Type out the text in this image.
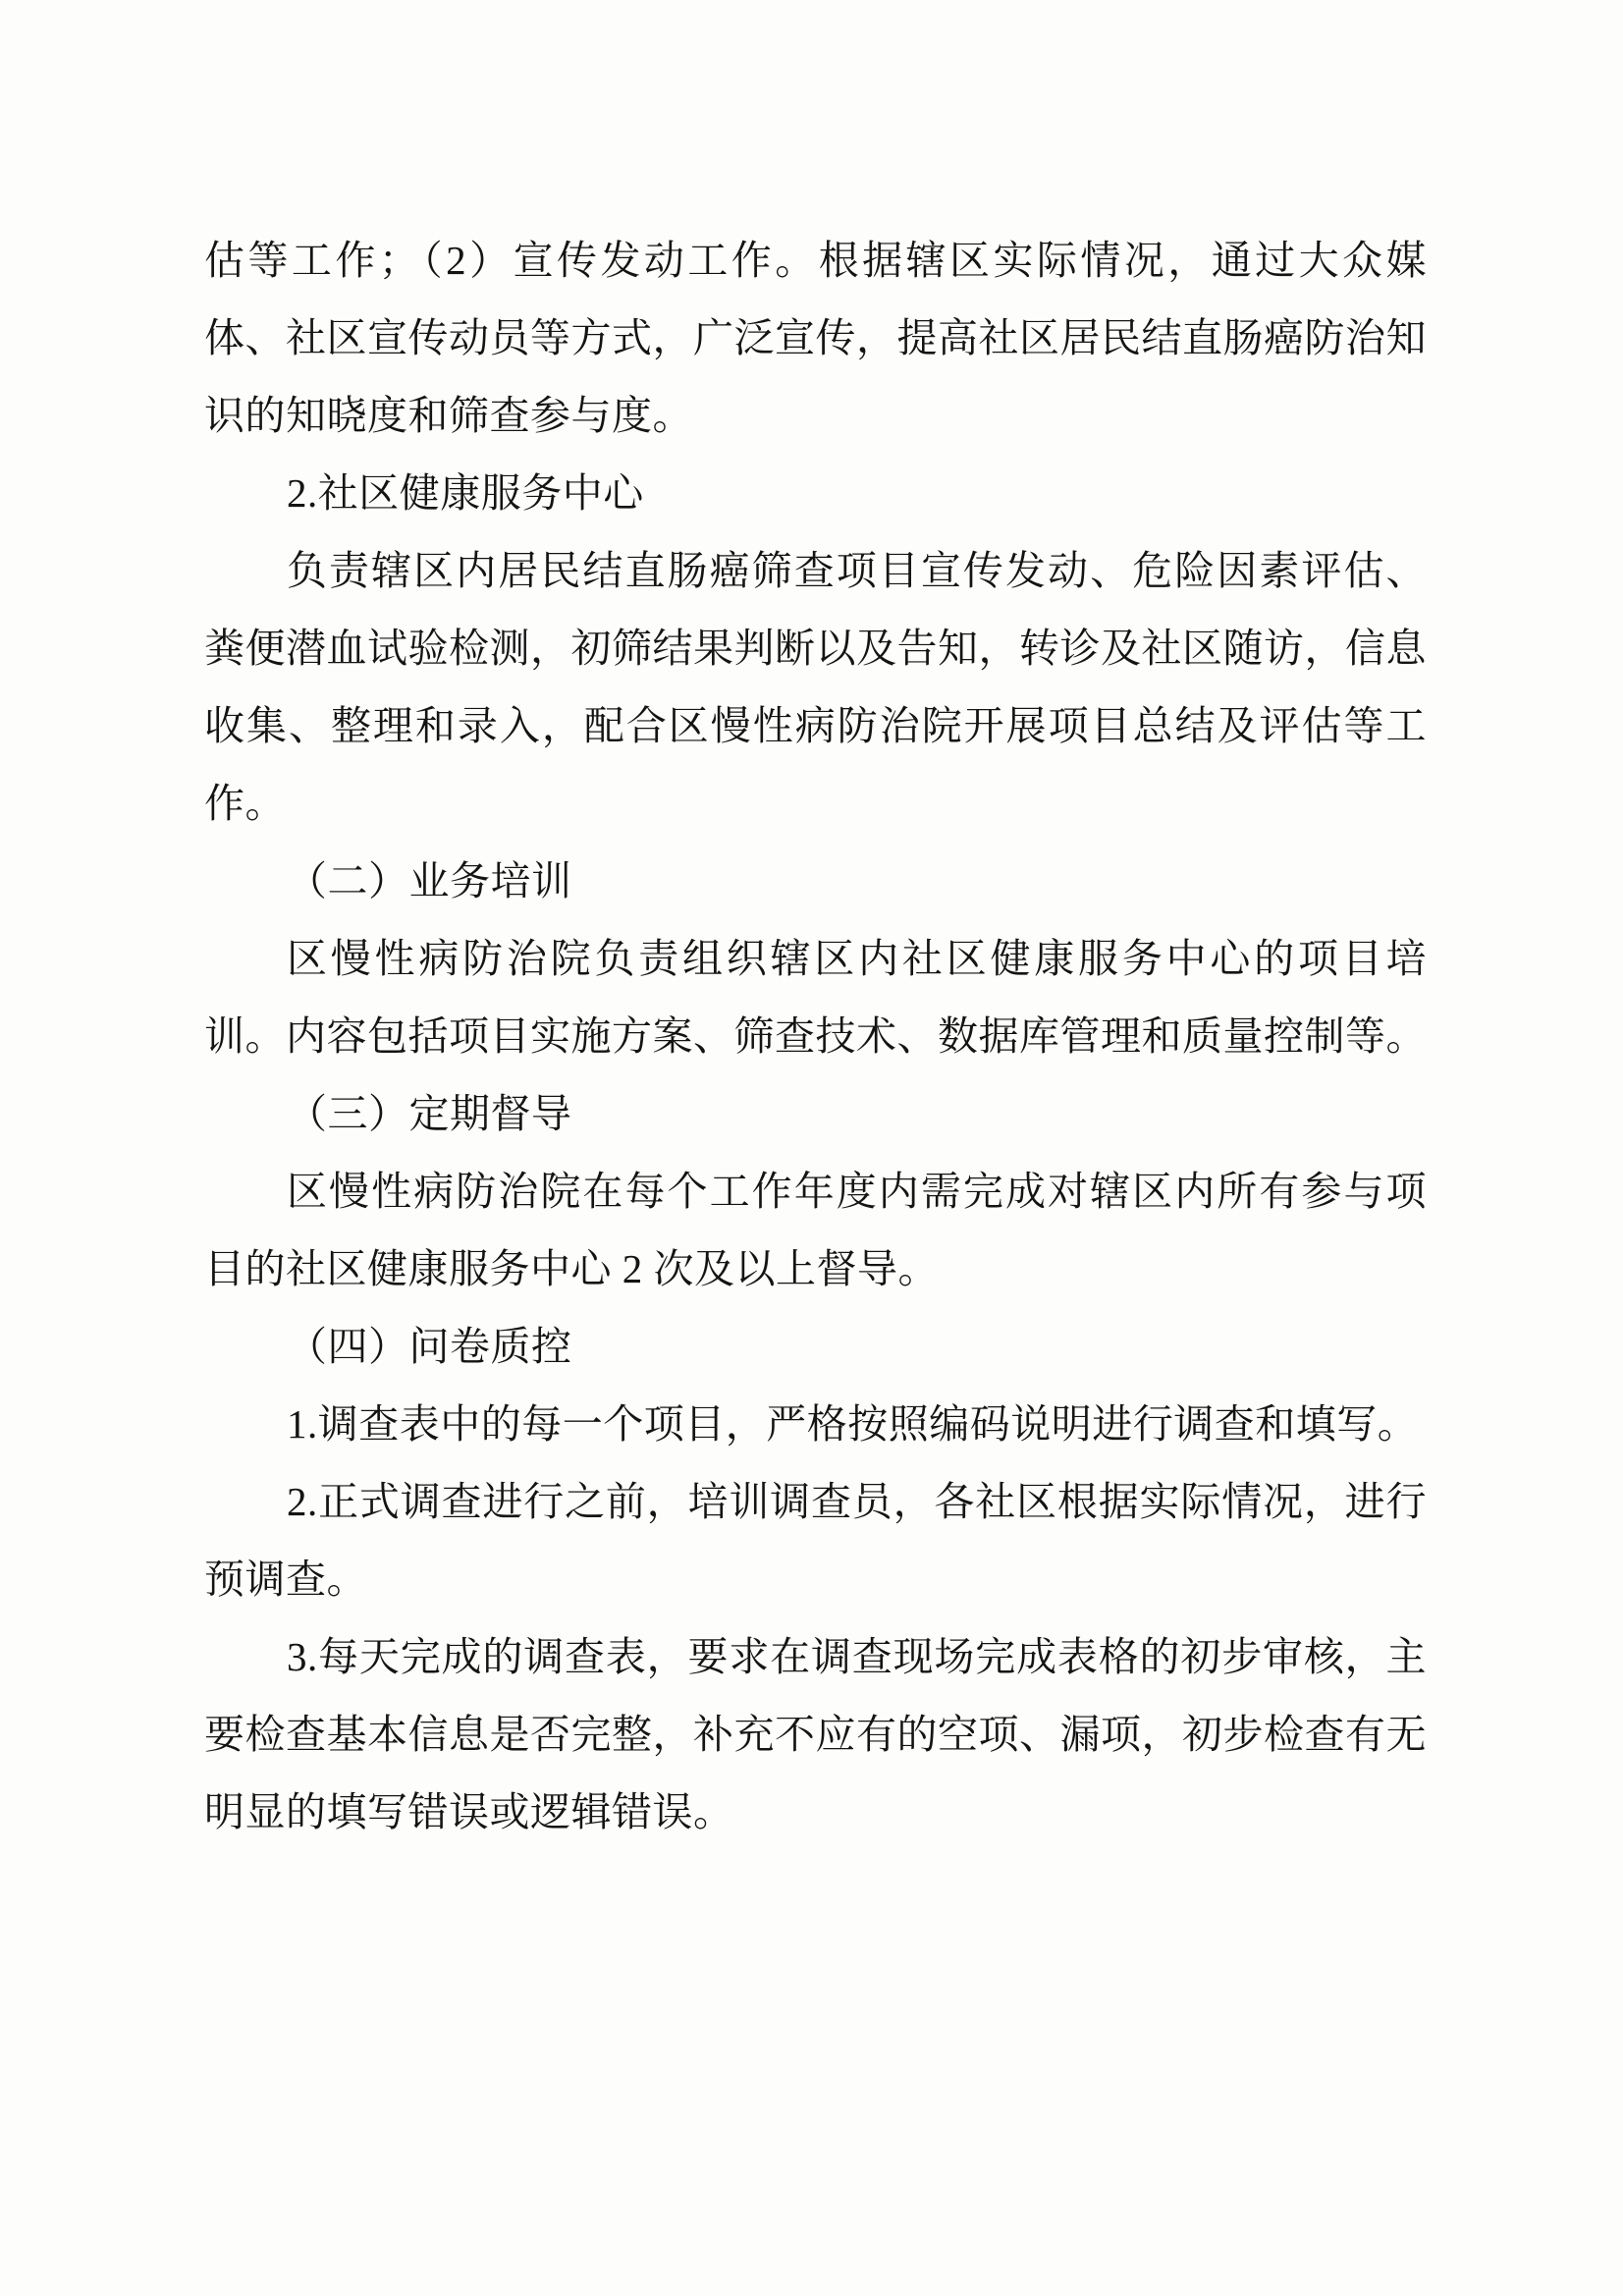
估等工作；（2）宣传发动工作。根据辖区实际情况，通过大众媒体、社区宣传动员等方式，广泛宣传，提高社区居民结直肠癌防治知识的知晓度和筛查参与度。

2.社区健康服务中心

负责辖区内居民结直肠癌筛查项目宣传发动、危险因素评估、粪便潜血试验检测，初筛结果判断以及告知，转诊及社区随访，信息收集、整理和录入，配合区慢性病防治院开展项目总结及评估等工作。

（二）业务培训

区慢性病防治院负责组织辖区内社区健康服务中心的项目培训。内容包括项目实施方案、筛查技术、数据库管理和质量控制等。

（三）定期督导

区慢性病防治院在每个工作年度内需完成对辖区内所有参与项目的社区健康服务中心 2 次及以上督导。

（四）问卷质控

1.调查表中的每一个项目，严格按照编码说明进行调查和填写。

2.正式调查进行之前，培训调查员，各社区根据实际情况，进行预调查。

3.每天完成的调查表，要求在调查现场完成表格的初步审核，主要检查基本信息是否完整，补充不应有的空项、漏项，初步检查有无明显的填写错误或逻辑错误。
